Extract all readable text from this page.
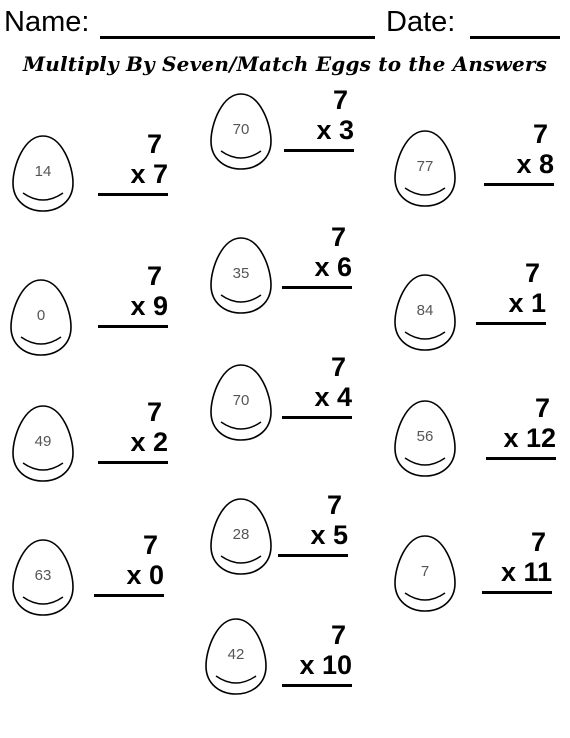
Name:	Date:
Multiply By Seven/Match Eggs to the Answers
70
14	77
35
0	84
70
49	56
28
63	7
42
7
x 3
7
x 7
7
x 8
7
x 6
7
x 9
7
x 1
7
x 4
7
x 2
7
x 12
7
x 5
7
x 0
7
x 11
7
x 10
